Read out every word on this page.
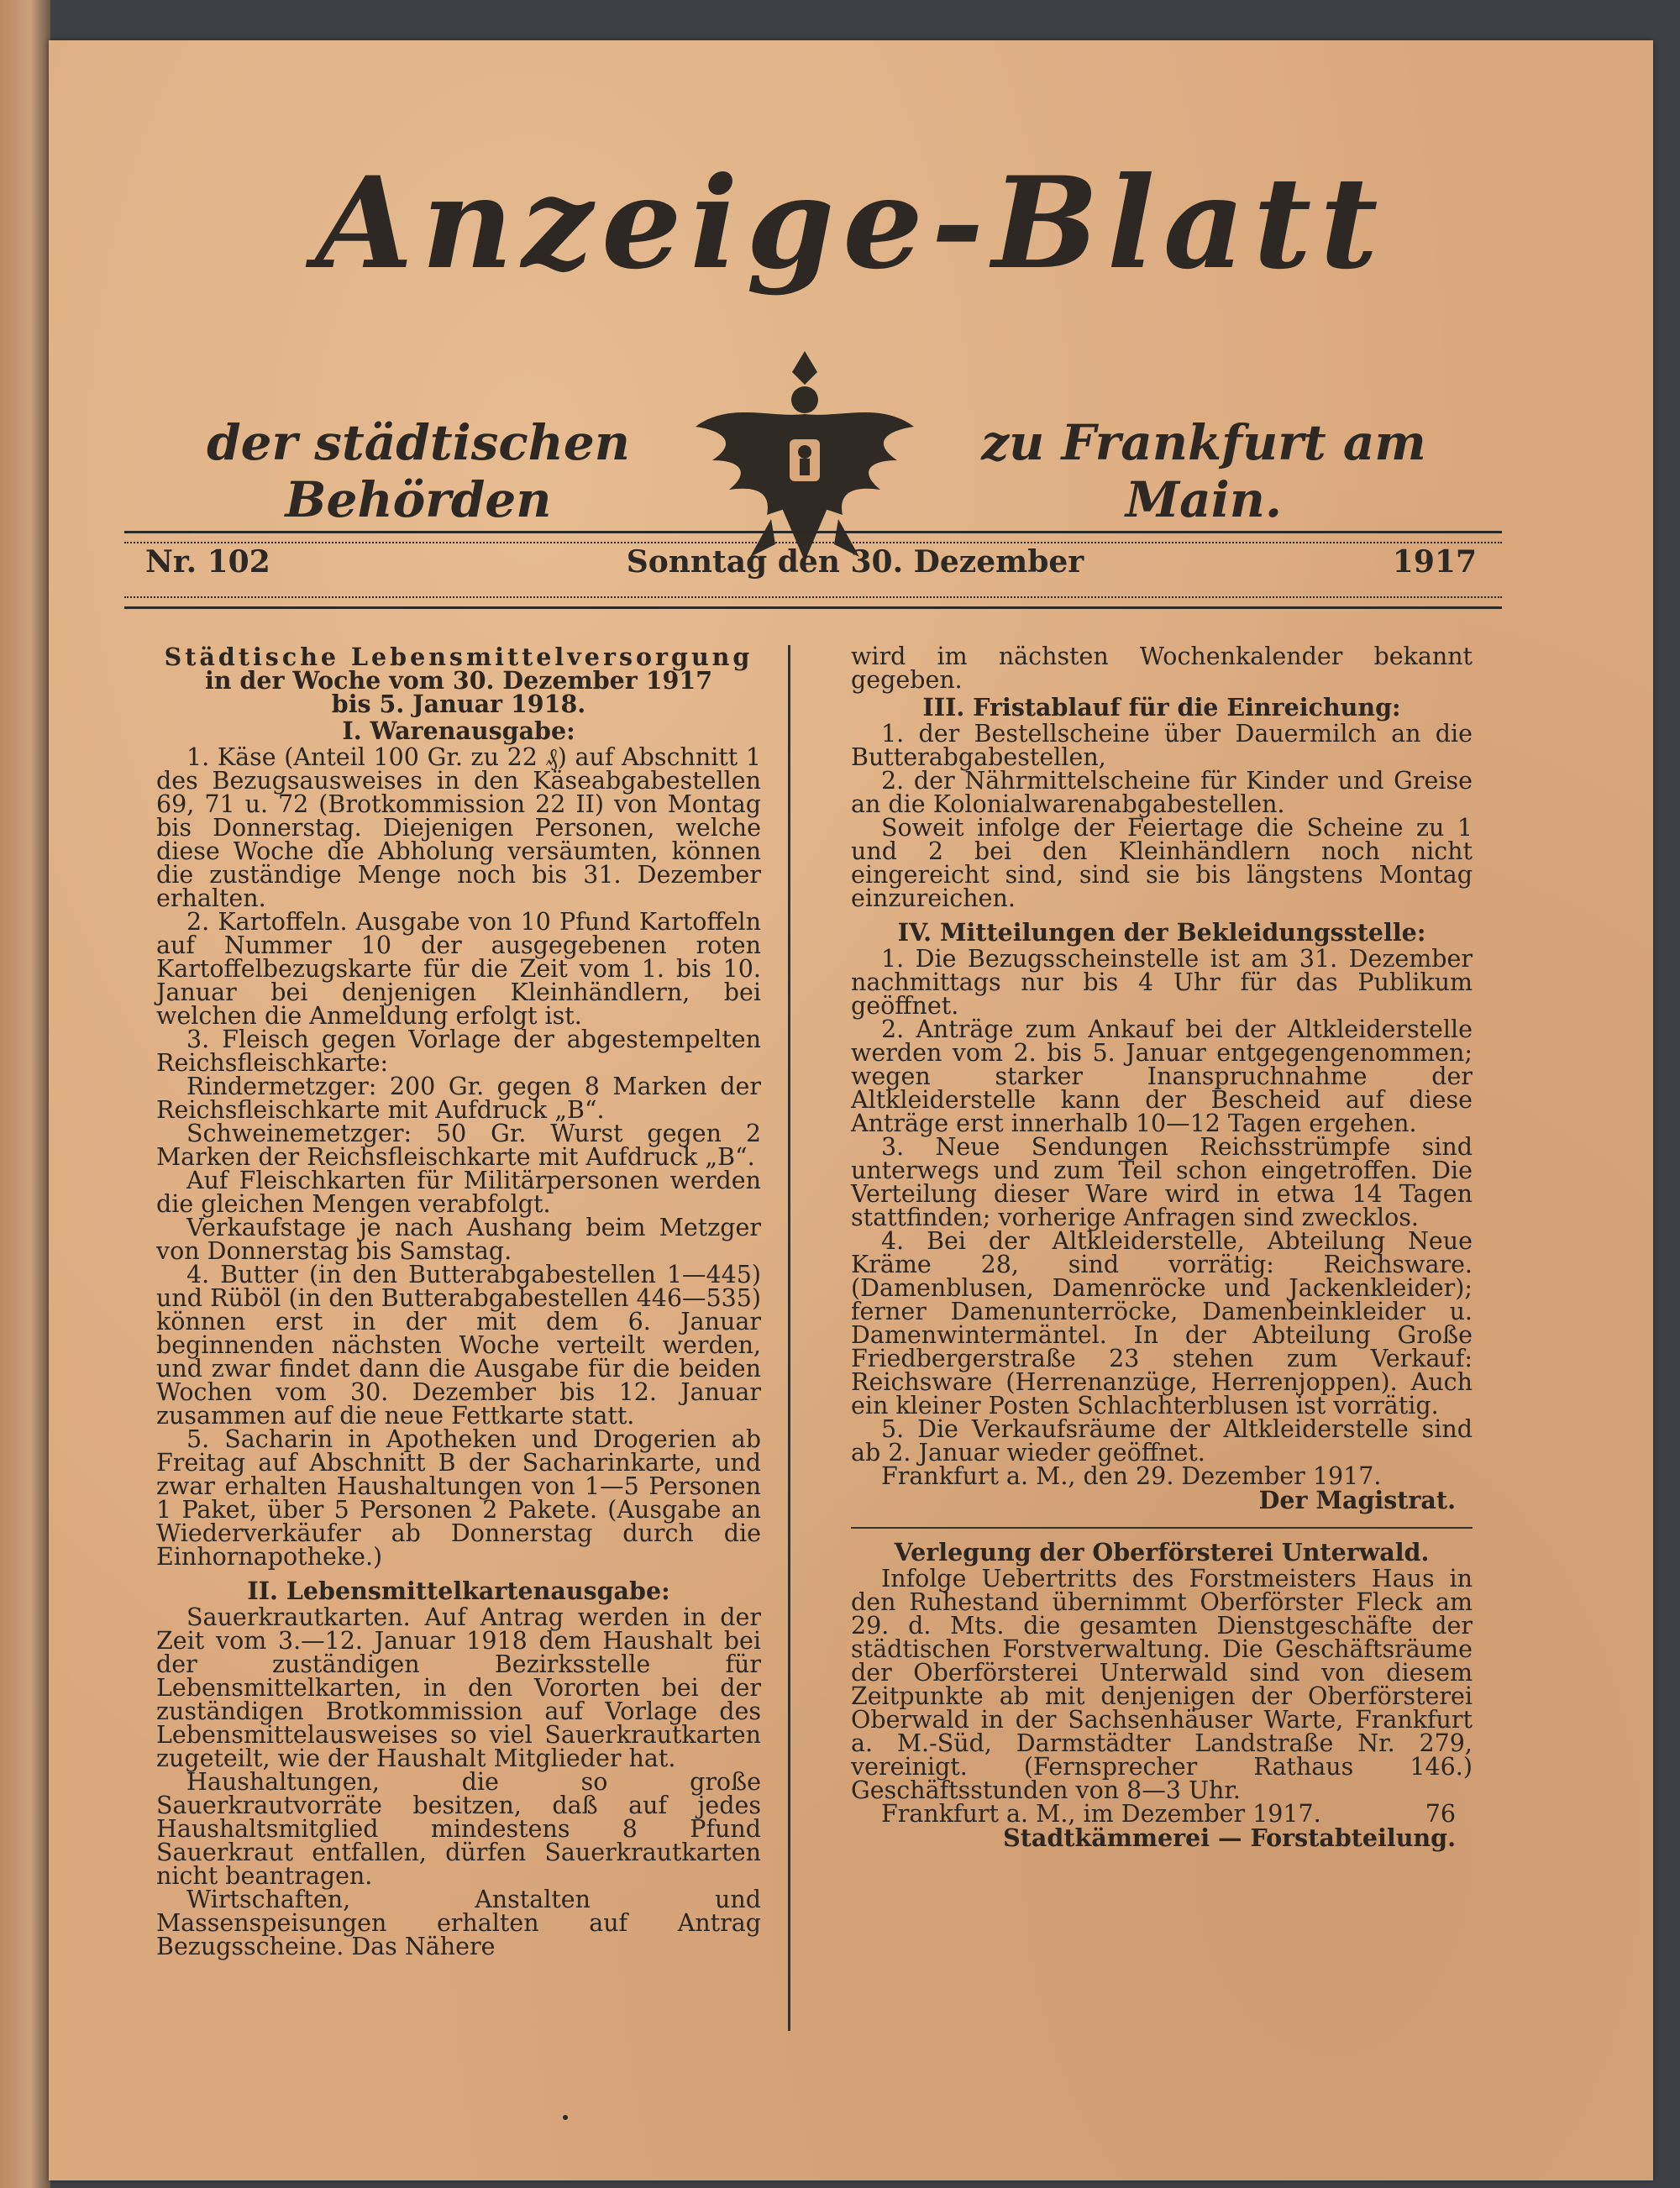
Anzeige-Blatt
der städtischen Behörden
zu Frankfurt am Main.
Nr. 102	Sonntag den 30. Dezember	1917

Städtische Lebensmittelversorgung

in der Woche vom 30. Dezember 1917

bis 5. Januar 1918.

I. Warenausgabe:

1. Käse (Anteil 100 Gr. zu 22 ₰) auf Abschnitt 1 des Bezugsausweises in den Käseabgabestellen 69, 71 u. 72 (Brotkommission 22 II) von Montag bis Donnerstag. Diejenigen Personen, welche diese Woche die Abholung versäumten, können die zuständige Menge noch bis 31. Dezember erhalten.

2. Kartoffeln. Ausgabe von 10 Pfund Kartoffeln auf Nummer 10 der ausgegebenen roten Kartoffelbezugskarte für die Zeit vom 1. bis 10. Januar bei denjenigen Kleinhändlern, bei welchen die Anmeldung erfolgt ist.

3. Fleisch gegen Vorlage der abgestempelten Reichsfleischkarte:

Rindermetzger: 200 Gr. gegen 8 Marken der Reichsfleischkarte mit Aufdruck „B“.

Schweinemetzger: 50 Gr. Wurst gegen 2 Marken der Reichsfleischkarte mit Aufdruck „B“.

Auf Fleischkarten für Militärpersonen werden die gleichen Mengen verabfolgt.

Verkaufstage je nach Aushang beim Metzger von Donnerstag bis Samstag.

4. Butter (in den Butterabgabestellen 1—445) und Rüböl (in den Butterabgabestellen 446—535) können erst in der mit dem 6. Januar beginnenden nächsten Woche verteilt werden, und zwar findet dann die Ausgabe für die beiden Wochen vom 30. Dezember bis 12. Januar zusammen auf die neue Fettkarte statt.

5. Sacharin in Apotheken und Drogerien ab Freitag auf Abschnitt B der Sacharinkarte, und zwar erhalten Haushaltungen von 1—5 Personen 1 Paket, über 5 Personen 2 Pakete. (Ausgabe an Wiederverkäufer ab Donnerstag durch die Einhornapotheke.)

II. Lebensmittelkartenausgabe:

Sauerkrautkarten. Auf Antrag werden in der Zeit vom 3.—12. Januar 1918 dem Haushalt bei der zuständigen Bezirksstelle für Lebensmittelkarten, in den Vororten bei der zuständigen Brotkommission auf Vorlage des Lebensmittelausweises so viel Sauerkrautkarten zugeteilt, wie der Haushalt Mitglieder hat.

Haushaltungen, die so große Sauerkrautvorräte besitzen, daß auf jedes Haushaltsmitglied mindestens 8 Pfund Sauerkraut entfallen, dürfen Sauerkrautkarten nicht beantragen.

Wirtschaften, Anstalten und Massenspeisungen erhalten auf Antrag Bezugsscheine. Das Nähere

wird im nächsten Wochenkalender bekannt gegeben.

III. Fristablauf für die Einreichung:

1. der Bestellscheine über Dauermilch an die Butterabgabestellen,

2. der Nährmittelscheine für Kinder und Greise an die Kolonialwarenabgabestellen.

Soweit infolge der Feiertage die Scheine zu 1 und 2 bei den Kleinhändlern noch nicht eingereicht sind, sind sie bis längstens Montag einzureichen.

IV. Mitteilungen der Bekleidungsstelle:

1. Die Bezugsscheinstelle ist am 31. Dezember nachmittags nur bis 4 Uhr für das Publikum geöffnet.

2. Anträge zum Ankauf bei der Altkleiderstelle werden vom 2. bis 5. Januar entgegengenommen; wegen starker Inanspruchnahme der Altkleiderstelle kann der Bescheid auf diese Anträge erst innerhalb 10—12 Tagen ergehen.

3. Neue Sendungen Reichsstrümpfe sind unterwegs und zum Teil schon eingetroffen. Die Verteilung dieser Ware wird in etwa 14 Tagen stattfinden; vorherige Anfragen sind zwecklos.

4. Bei der Altkleiderstelle, Abteilung Neue Kräme 28, sind vorrätig: Reichsware. (Damenblusen, Damenröcke und Jackenkleider); ferner Damenunterröcke, Damenbeinkleider u. Damenwintermäntel. In der Abteilung Große Friedbergerstraße 23 stehen zum Verkauf: Reichsware (Herrenanzüge, Herrenjoppen). Auch ein kleiner Posten Schlachterblusen ist vorrätig.

5. Die Verkaufsräume der Altkleiderstelle sind ab 2. Januar wieder geöffnet.

Frankfurt a. M., den 29. Dezember 1917.

Der Magistrat.

Verlegung der Oberförsterei Unterwald.

Infolge Uebertritts des Forstmeisters Haus in den Ruhestand übernimmt Oberförster Fleck am 29. d. Mts. die gesamten Dienstgeschäfte der städtischen Forstverwaltung. Die Geschäftsräume der Oberförsterei Unterwald sind von diesem Zeitpunkte ab mit denjenigen der Oberförsterei Oberwald in der Sachsenhäuser Warte, Frankfurt a. M.-Süd, Darmstädter Landstraße Nr. 279, vereinigt. (Fernsprecher Rathaus 146.) Geschäftsstunden von 8—3 Uhr.

Frankfurt a. M., im Dezember 1917.	76

Stadtkämmerei — Forstabteilung.
